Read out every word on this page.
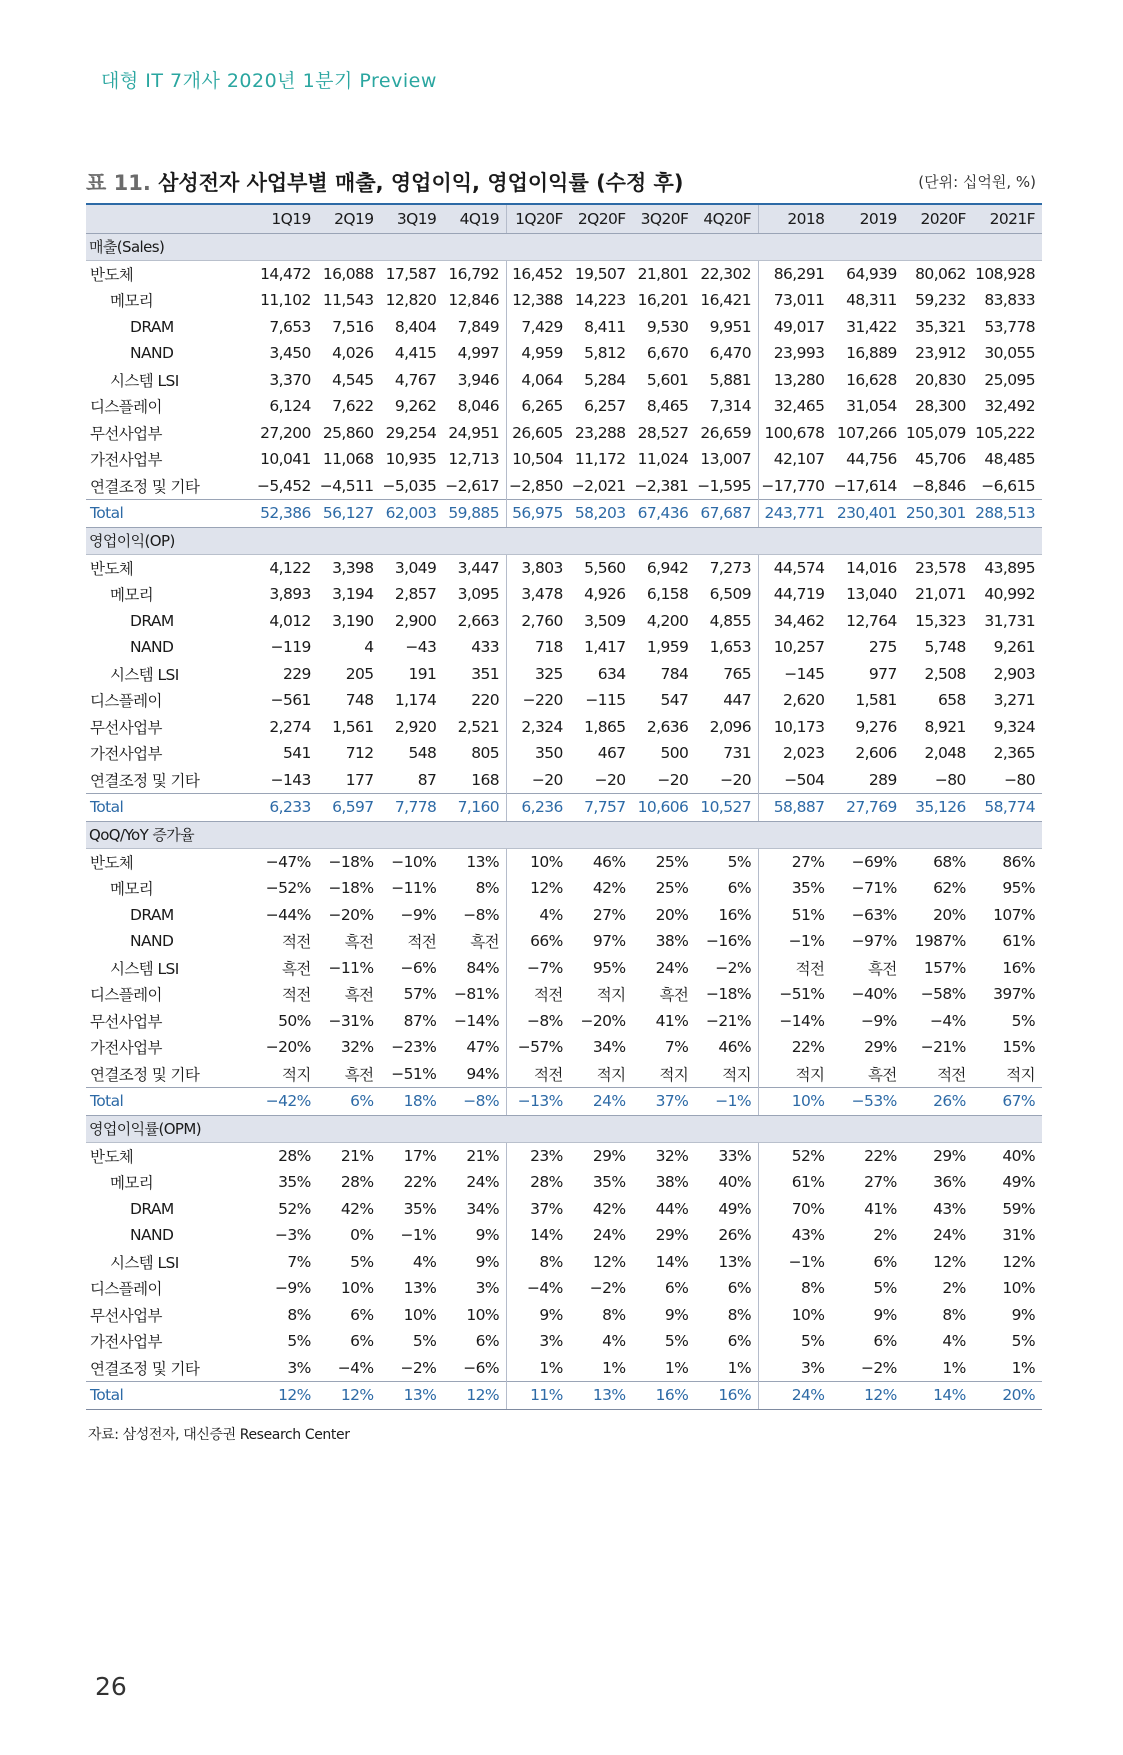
대형 IT 7개사 2020년 1분기 Preview
표 11. 삼성전자 사업부별 매출, 영업이익, 영업이익률 (수정 후)	(단위: 십억원, %)
	1Q19	2Q19	3Q19	4Q19	1Q20F	2Q20F	3Q20F	4Q20F	2018	2019	2020F	2021F
매출(Sales)												
반도체	14,472	16,088	17,587	16,792	16,452	19,507	21,801	22,302	86,291	64,939	80,062	108,928
메모리	11,102	11,543	12,820	12,846	12,388	14,223	16,201	16,421	73,011	48,311	59,232	83,833
DRAM	7,653	7,516	8,404	7,849	7,429	8,411	9,530	9,951	49,017	31,422	35,321	53,778
NAND	3,450	4,026	4,415	4,997	4,959	5,812	6,670	6,470	23,993	16,889	23,912	30,055
시스템 LSI	3,370	4,545	4,767	3,946	4,064	5,284	5,601	5,881	13,280	16,628	20,830	25,095
디스플레이	6,124	7,622	9,262	8,046	6,265	6,257	8,465	7,314	32,465	31,054	28,300	32,492
무선사업부	27,200	25,860	29,254	24,951	26,605	23,288	28,527	26,659	100,678	107,266	105,079	105,222
가전사업부	10,041	11,068	10,935	12,713	10,504	11,172	11,024	13,007	42,107	44,756	45,706	48,485
연결조정 및 기타	−5,452	−4,511	−5,035	−2,617	−2,850	−2,021	−2,381	−1,595	−17,770	−17,614	−8,846	−6,615
Total	52,386	56,127	62,003	59,885	56,975	58,203	67,436	67,687	243,771	230,401	250,301	288,513
영업이익(OP)												
반도체	4,122	3,398	3,049	3,447	3,803	5,560	6,942	7,273	44,574	14,016	23,578	43,895
메모리	3,893	3,194	2,857	3,095	3,478	4,926	6,158	6,509	44,719	13,040	21,071	40,992
DRAM	4,012	3,190	2,900	2,663	2,760	3,509	4,200	4,855	34,462	12,764	15,323	31,731
NAND	−119	4	−43	433	718	1,417	1,959	1,653	10,257	275	5,748	9,261
시스템 LSI	229	205	191	351	325	634	784	765	−145	977	2,508	2,903
디스플레이	−561	748	1,174	220	−220	−115	547	447	2,620	1,581	658	3,271
무선사업부	2,274	1,561	2,920	2,521	2,324	1,865	2,636	2,096	10,173	9,276	8,921	9,324
가전사업부	541	712	548	805	350	467	500	731	2,023	2,606	2,048	2,365
연결조정 및 기타	−143	177	87	168	−20	−20	−20	−20	−504	289	−80	−80
Total	6,233	6,597	7,778	7,160	6,236	7,757	10,606	10,527	58,887	27,769	35,126	58,774
QoQ/YoY 증가율												
반도체	−47%	−18%	−10%	13%	10%	46%	25%	5%	27%	−69%	68%	86%
메모리	−52%	−18%	−11%	8%	12%	42%	25%	6%	35%	−71%	62%	95%
DRAM	−44%	−20%	−9%	−8%	4%	27%	20%	16%	51%	−63%	20%	107%
NAND	적전	흑전	적전	흑전	66%	97%	38%	−16%	−1%	−97%	1987%	61%
시스템 LSI	흑전	−11%	−6%	84%	−7%	95%	24%	−2%	적전	흑전	157%	16%
디스플레이	적전	흑전	57%	−81%	적전	적지	흑전	−18%	−51%	−40%	−58%	397%
무선사업부	50%	−31%	87%	−14%	−8%	−20%	41%	−21%	−14%	−9%	−4%	5%
가전사업부	−20%	32%	−23%	47%	−57%	34%	7%	46%	22%	29%	−21%	15%
연결조정 및 기타	적지	흑전	−51%	94%	적전	적지	적지	적지	적지	흑전	적전	적지
Total	−42%	6%	18%	−8%	−13%	24%	37%	−1%	10%	−53%	26%	67%
영업이익률(OPM)												
반도체	28%	21%	17%	21%	23%	29%	32%	33%	52%	22%	29%	40%
메모리	35%	28%	22%	24%	28%	35%	38%	40%	61%	27%	36%	49%
DRAM	52%	42%	35%	34%	37%	42%	44%	49%	70%	41%	43%	59%
NAND	−3%	0%	−1%	9%	14%	24%	29%	26%	43%	2%	24%	31%
시스템 LSI	7%	5%	4%	9%	8%	12%	14%	13%	−1%	6%	12%	12%
디스플레이	−9%	10%	13%	3%	−4%	−2%	6%	6%	8%	5%	2%	10%
무선사업부	8%	6%	10%	10%	9%	8%	9%	8%	10%	9%	8%	9%
가전사업부	5%	6%	5%	6%	3%	4%	5%	6%	5%	6%	4%	5%
연결조정 및 기타	3%	−4%	−2%	−6%	1%	1%	1%	1%	3%	−2%	1%	1%
Total	12%	12%	13%	12%	11%	13%	16%	16%	24%	12%	14%	20%
자료: 삼성전자, 대신증권 Research Center
26
